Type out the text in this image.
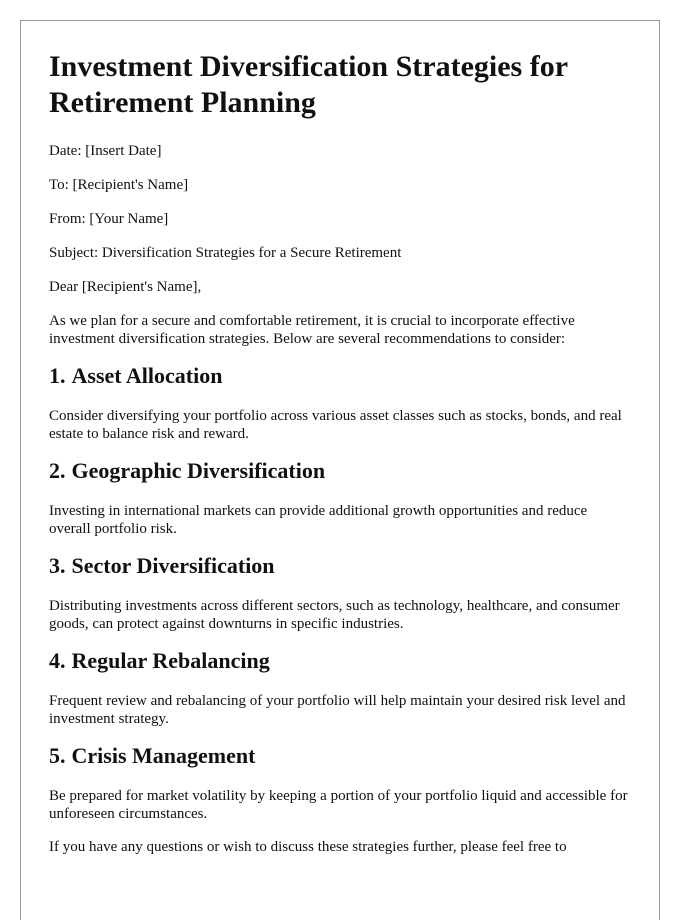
Investment Diversification Strategies for Retirement Planning

Date: [Insert Date]

To: [Recipient's Name]

From: [Your Name]

Subject: Diversification Strategies for a Secure Retirement

Dear [Recipient's Name],

As we plan for a secure and comfortable retirement, it is crucial to incorporate effective investment diversification strategies. Below are several recommendations to consider:

1. Asset Allocation

Consider diversifying your portfolio across various asset classes such as stocks, bonds, and real estate to balance risk and reward.

2. Geographic Diversification

Investing in international markets can provide additional growth opportunities and reduce overall portfolio risk.

3. Sector Diversification

Distributing investments across different sectors, such as technology, healthcare, and consumer goods, can protect against downturns in specific industries.

4. Regular Rebalancing

Frequent review and rebalancing of your portfolio will help maintain your desired risk level and investment strategy.

5. Crisis Management

Be prepared for market volatility by keeping a portion of your portfolio liquid and accessible for unforeseen circumstances.

If you have any questions or wish to discuss these strategies further, please feel free to
